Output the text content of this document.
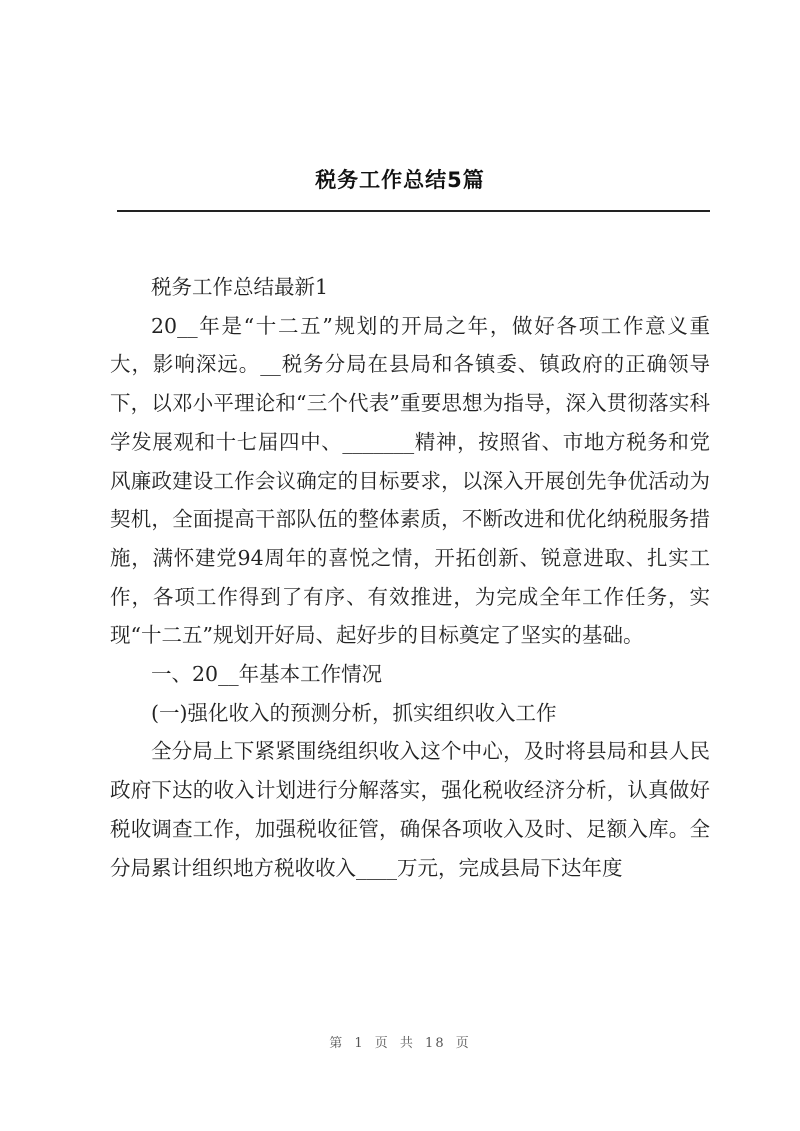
税务工作总结5篇

税务工作总结最新1

20__年是“十二五”规划的开局之年，做好各项工作意义重大，影响深远。__税务分局在县局和各镇委、镇政府的正确领导下，以邓小平理论和“三个代表”重要思想为指导，深入贯彻落实科学发展观和十七届四中、_______精神，按照省、市地方税务和党风廉政建设工作会议确定的目标要求，以深入开展创先争优活动为契机，全面提高干部队伍的整体素质，不断改进和优化纳税服务措施，满怀建党94周年的喜悦之情，开拓创新、锐意进取、扎实工作，各项工作得到了有序、有效推进，为完成全年工作任务，实现“十二五”规划开好局、起好步的目标奠定了坚实的基础。

一、20__年基本工作情况

(一)强化收入的预测分析，抓实组织收入工作

全分局上下紧紧围绕组织收入这个中心，及时将县局和县人民政府下达的收入计划进行分解落实，强化税收经济分析，认真做好税收调查工作，加强税收征管，确保各项收入及时、足额入库。全分局累计组织地方税收收入____万元，完成县局下达年度

第 1 页 共 18 页
